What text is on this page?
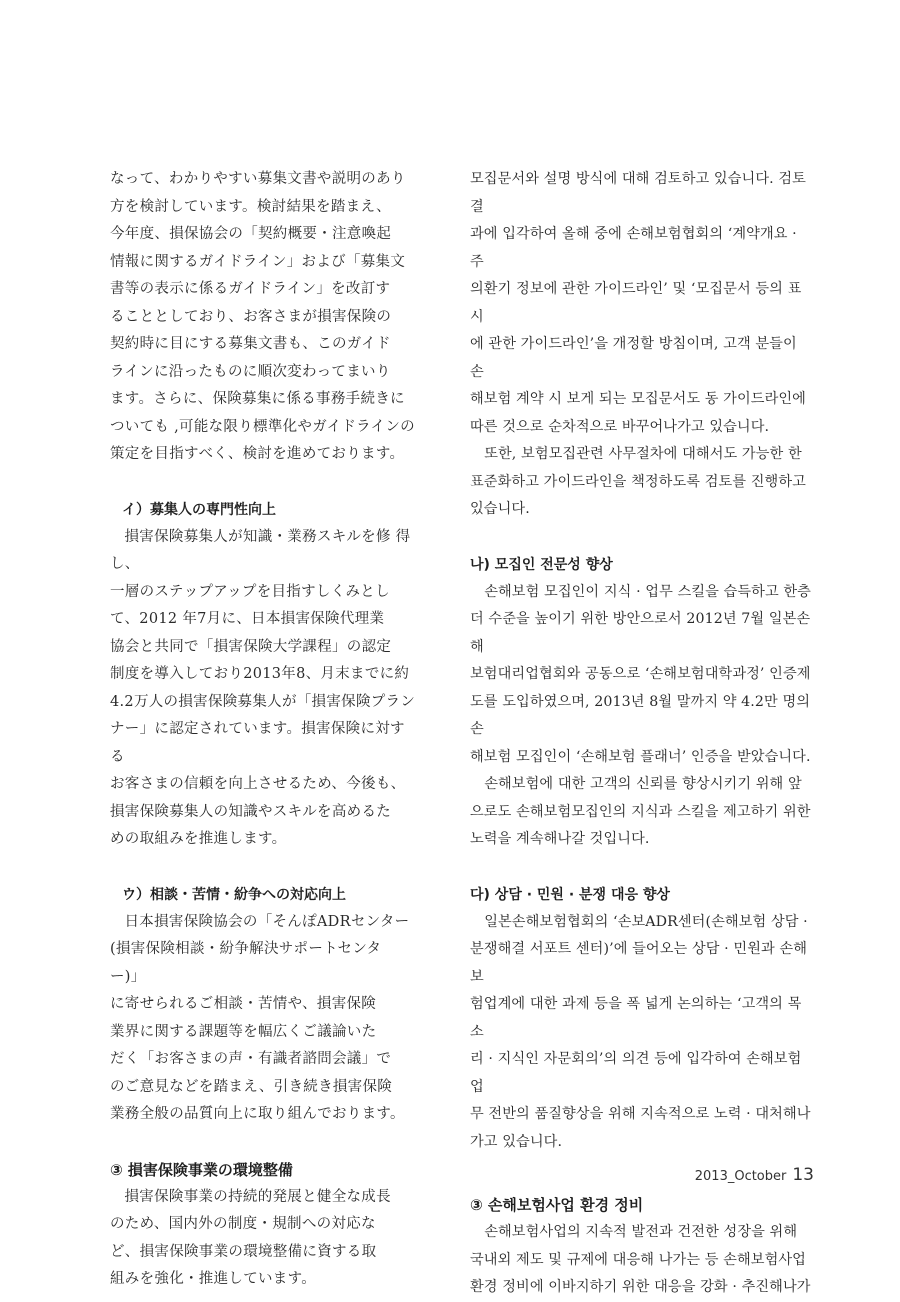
なって、わかりやすい募集文書や説明のあり
方を検討しています。検討結果を踏まえ、
今年度、損保協会の「契約概要・注意喚起
情報に関するガイドライン」および「募集文
書等の表示に係るガイドライン」を改訂す
ることとしており、お客さまが損害保険の
契約時に目にする募集文書も、このガイド
ラインに沿ったものに順次変わってまいり
ます。さらに、保険募集に係る事務手続きに
ついても ,可能な限り標準化やガイドラインの
策定を目指すべく、検討を進めております。

イ）募集人の専門性向上

損害保険募集人が知識・業務スキルを修 得し、
一層のステップアップを目指すしくみとし
て、2012 年7月に、日本損害保険代理業
協会と共同で「損害保険大学課程」の認定
制度を導入しており2013年8、月末までに約
4.2万人の損害保険募集人が「損害保険プラン
ナー」に認定されています。損害保険に対する
お客さまの信頼を向上させるため、今後も、
損害保険募集人の知識やスキルを高めるた
めの取組みを推進します。

ウ）相談・苦情・紛争への対応向上

日本損害保険協会の「そんぽADRセンター
(損害保険相談・紛争解決サポートセンター)」
に寄せられるご相談・苦情や、損害保険
業界に関する課題等を幅広くご議論いた
だく「お客さまの声・有識者諮問会議」で
のご意見などを踏まえ、引き続き損害保険
業務全般の品質向上に取り組んでおります。

③ 損害保険事業の環境整備

損害保険事業の持続的発展と健全な成長
のため、国内外の制度・規制への対応な
ど、損害保険事業の環境整備に資する取
組みを強化・推進しています。

모집문서와 설명 방식에 대해 검토하고 있습니다. 검토결
과에 입각하여 올해 중에 손해보험협회의 ‘계약개요 · 주
의환기 정보에 관한 가이드라인’ 및 ‘모집문서 등의 표시
에 관한 가이드라인’을 개정할 방침이며, 고객 분들이 손
해보험 계약 시 보게 되는 모집문서도 동 가이드라인에
따른 것으로 순차적으로 바꾸어나가고 있습니다.

또한, 보험모집관련 사무절차에 대해서도 가능한 한
표준화하고 가이드라인을 책정하도록 검토를 진행하고
있습니다.

나) 모집인 전문성 향상

손해보험 모집인이 지식 · 업무 스킬을 습득하고 한층
더 수준을 높이기 위한 방안으로서 2012년 7월 일본손해
보험대리업협회와 공동으로 ‘손해보험대학과정’ 인증제
도를 도입하였으며, 2013년 8월 말까지 약 4.2만 명의 손
해보험 모집인이 ‘손해보험 플래너’ 인증을 받았습니다.

손해보험에 대한 고객의 신뢰를 향상시키기 위해 앞
으로도 손해보험모집인의 지식과 스킬을 제고하기 위한
노력을 계속해나갈 것입니다.

다) 상담 · 민원 · 분쟁 대응 향상

일본손해보험협회의 ‘손보ADR센터(손해보험 상담 ·
분쟁해결 서포트 센터)’에 들어오는 상담 · 민원과 손해보
험업계에 대한 과제 등을 폭 넓게 논의하는 ‘고객의 목소
리 · 지식인 자문회의’의 의견 등에 입각하여 손해보험 업
무 전반의 품질향상을 위해 지속적으로 노력 · 대처해나
가고 있습니다.

③ 손해보험사업 환경 정비

손해보험사업의 지속적 발전과 건전한 성장을 위해
국내외 제도 및 규제에 대응해 나가는 등 손해보험사업
환경 정비에 이바지하기 위한 대응을 강화 · 추진해나가

2013_October 13
